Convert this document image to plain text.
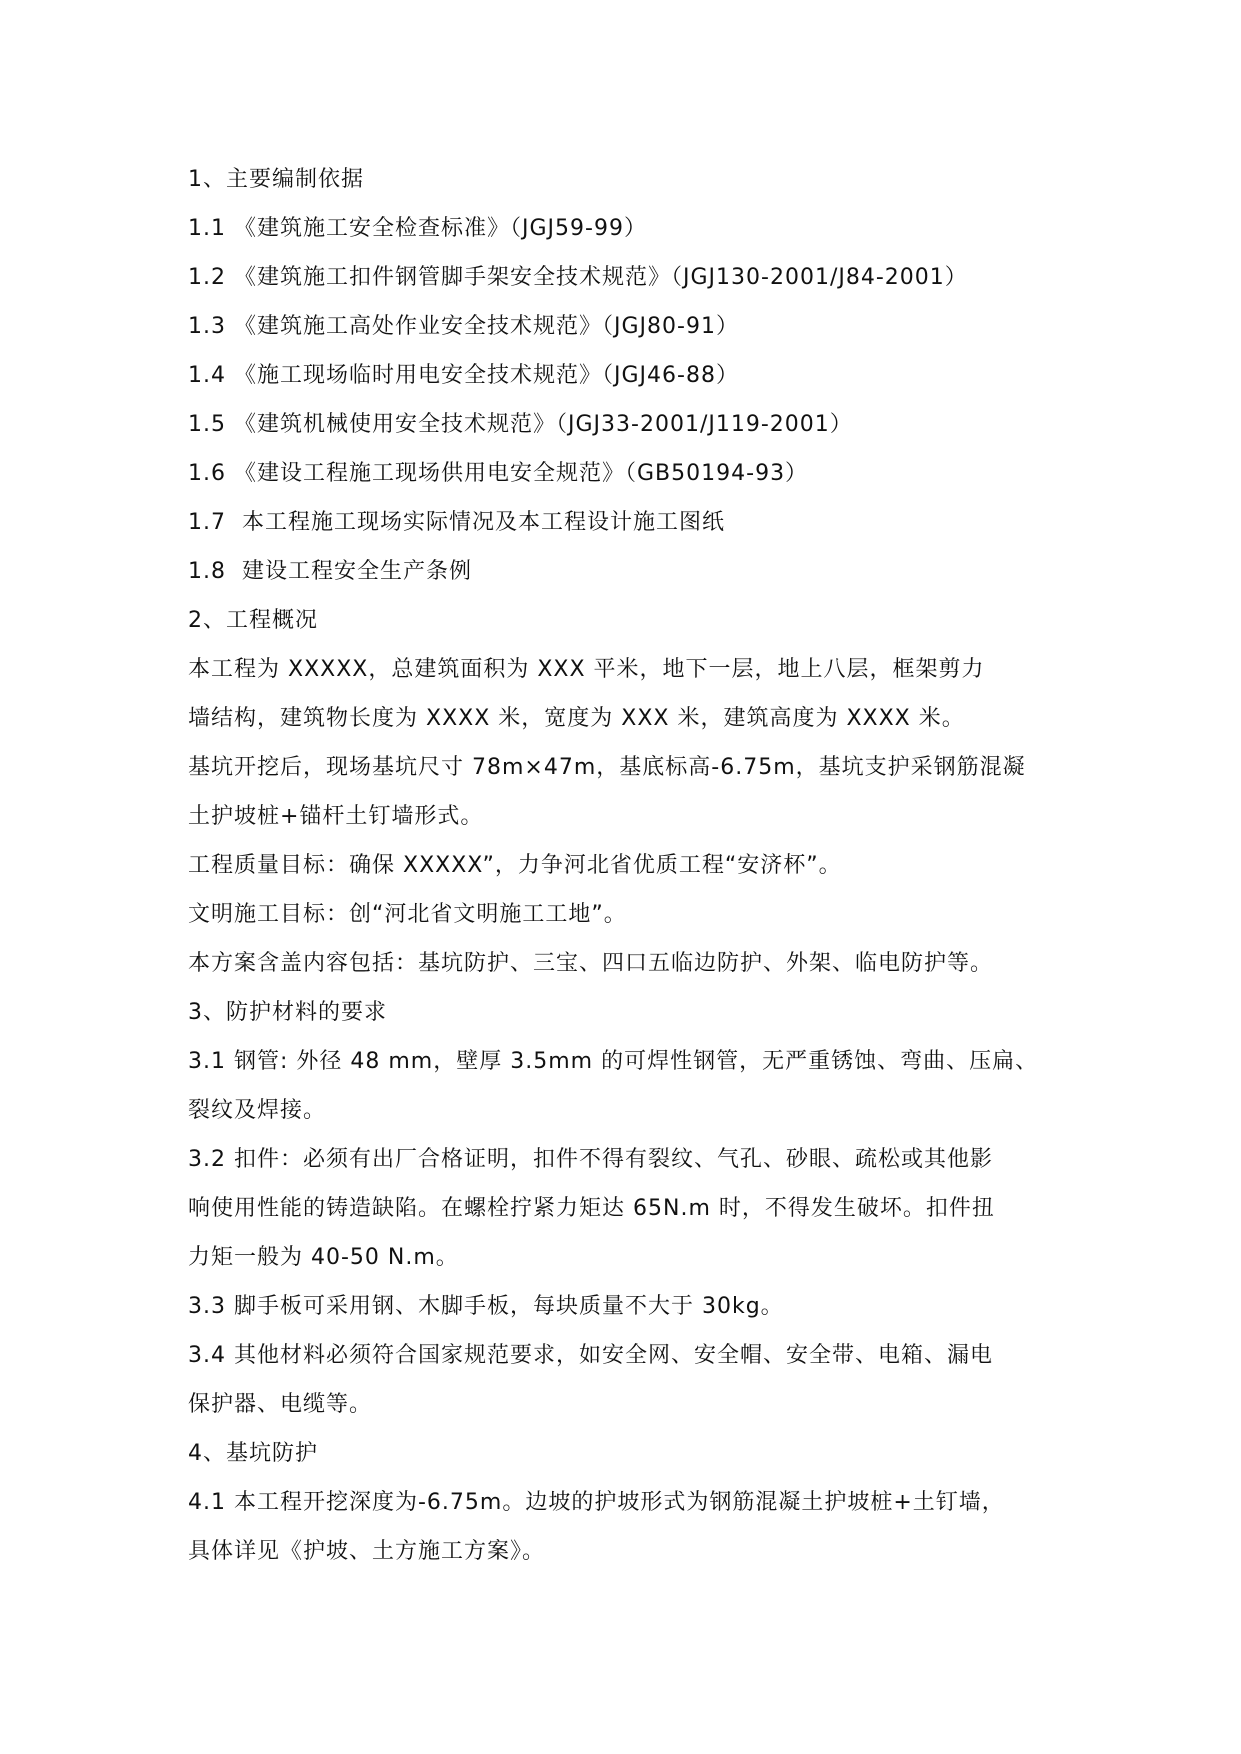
1、主要编制依据
1.1 《建筑施工安全检查标准》（JGJ59-99）
1.2 《建筑施工扣件钢管脚手架安全技术规范》（JGJ130-2001/J84-2001）
1.3 《建筑施工高处作业安全技术规范》（JGJ80-91）
1.4 《施工现场临时用电安全技术规范》（JGJ46-88）
1.5 《建筑机械使用安全技术规范》（JGJ33-2001/J119-2001）
1.6 《建设工程施工现场供用电安全规范》（GB50194-93）
1.7 本工程施工现场实际情况及本工程设计施工图纸
1.8 建设工程安全生产条例
2、工程概况
本工程为 XXXXX，总建筑面积为 XXX 平米，地下一层，地上八层，框架剪力
墙结构，建筑物长度为 XXXX 米，宽度为 XXX 米，建筑高度为 XXXX 米。
基坑开挖后，现场基坑尺寸 78m×47m，基底标高-6.75m，基坑支护采钢筋混凝
土护坡桩+锚杆土钉墙形式。
工程质量目标：确保 XXXXX”，力争河北省优质工程“安济杯”。
文明施工目标：创“河北省文明施工工地”。
本方案含盖内容包括：基坑防护、三宝、四口五临边防护、外架、临电防护等。
3、防护材料的要求
3.1 钢管: 外径 48 mm，壁厚 3.5mm 的可焊性钢管，无严重锈蚀、弯曲、压扁、
裂纹及焊接。
3.2 扣件：必须有出厂合格证明，扣件不得有裂纹、气孔、砂眼、疏松或其他影
响使用性能的铸造缺陷。在螺栓拧紧力矩达 65N.m 时，不得发生破坏。扣件扭
力矩一般为 40-50 N.m。
3.3 脚手板可采用钢、木脚手板，每块质量不大于 30kg。
3.4 其他材料必须符合国家规范要求，如安全网、安全帽、安全带、电箱、漏电
保护器、电缆等。
4、基坑防护
4.1 本工程开挖深度为-6.75m。边坡的护坡形式为钢筋混凝土护坡桩+土钉墙，
具体详见《护坡、土方施工方案》。
